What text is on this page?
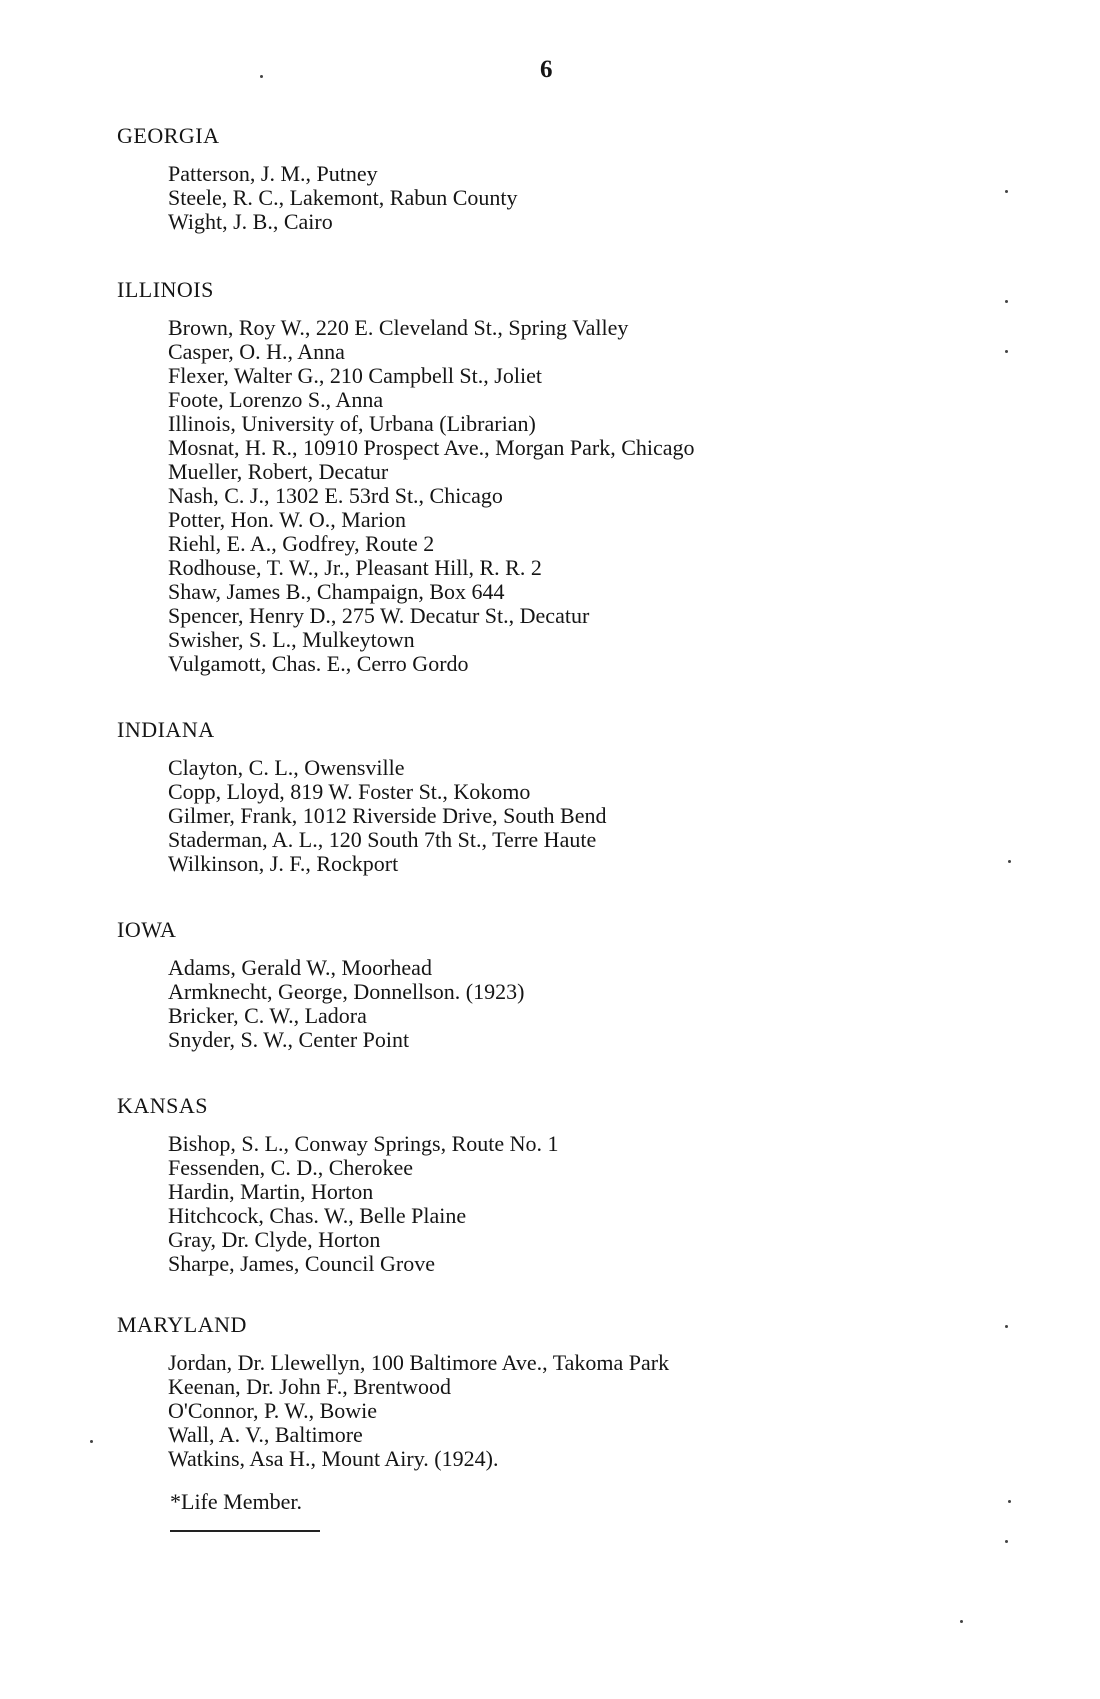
6
GEORGIA
Patterson, J. M., Putney
Steele, R. C., Lakemont, Rabun County
Wight, J. B., Cairo
ILLINOIS
Brown, Roy W., 220 E. Cleveland St., Spring Valley
Casper, O. H., Anna
Flexer, Walter G., 210 Campbell St., Joliet
Foote, Lorenzo S., Anna
Illinois, University of, Urbana (Librarian)
Mosnat, H. R., 10910 Prospect Ave., Morgan Park, Chicago
Mueller, Robert, Decatur
Nash, C. J., 1302 E. 53rd St., Chicago
Potter, Hon. W. O., Marion
Riehl, E. A., Godfrey, Route 2
Rodhouse, T. W., Jr., Pleasant Hill, R. R. 2
Shaw, James B., Champaign, Box 644
Spencer, Henry D., 275 W. Decatur St., Decatur
Swisher, S. L., Mulkeytown
Vulgamott, Chas. E., Cerro Gordo
INDIANA
Clayton, C. L., Owensville
Copp, Lloyd, 819 W. Foster St., Kokomo
Gilmer, Frank, 1012 Riverside Drive, South Bend
Staderman, A. L., 120 South 7th St., Terre Haute
Wilkinson, J. F., Rockport
IOWA
Adams, Gerald W., Moorhead
Armknecht, George, Donnellson. (1923)
Bricker, C. W., Ladora
Snyder, S. W., Center Point
KANSAS
Bishop, S. L., Conway Springs, Route No. 1
Fessenden, C. D., Cherokee
Hardin, Martin, Horton
Hitchcock, Chas. W., Belle Plaine
Gray, Dr. Clyde, Horton
Sharpe, James, Council Grove
MARYLAND
Jordan, Dr. Llewellyn, 100 Baltimore Ave., Takoma Park
Keenan, Dr. John F., Brentwood
O'Connor, P. W., Bowie
Wall, A. V., Baltimore
Watkins, Asa H., Mount Airy. (1924).
*Life Member.
